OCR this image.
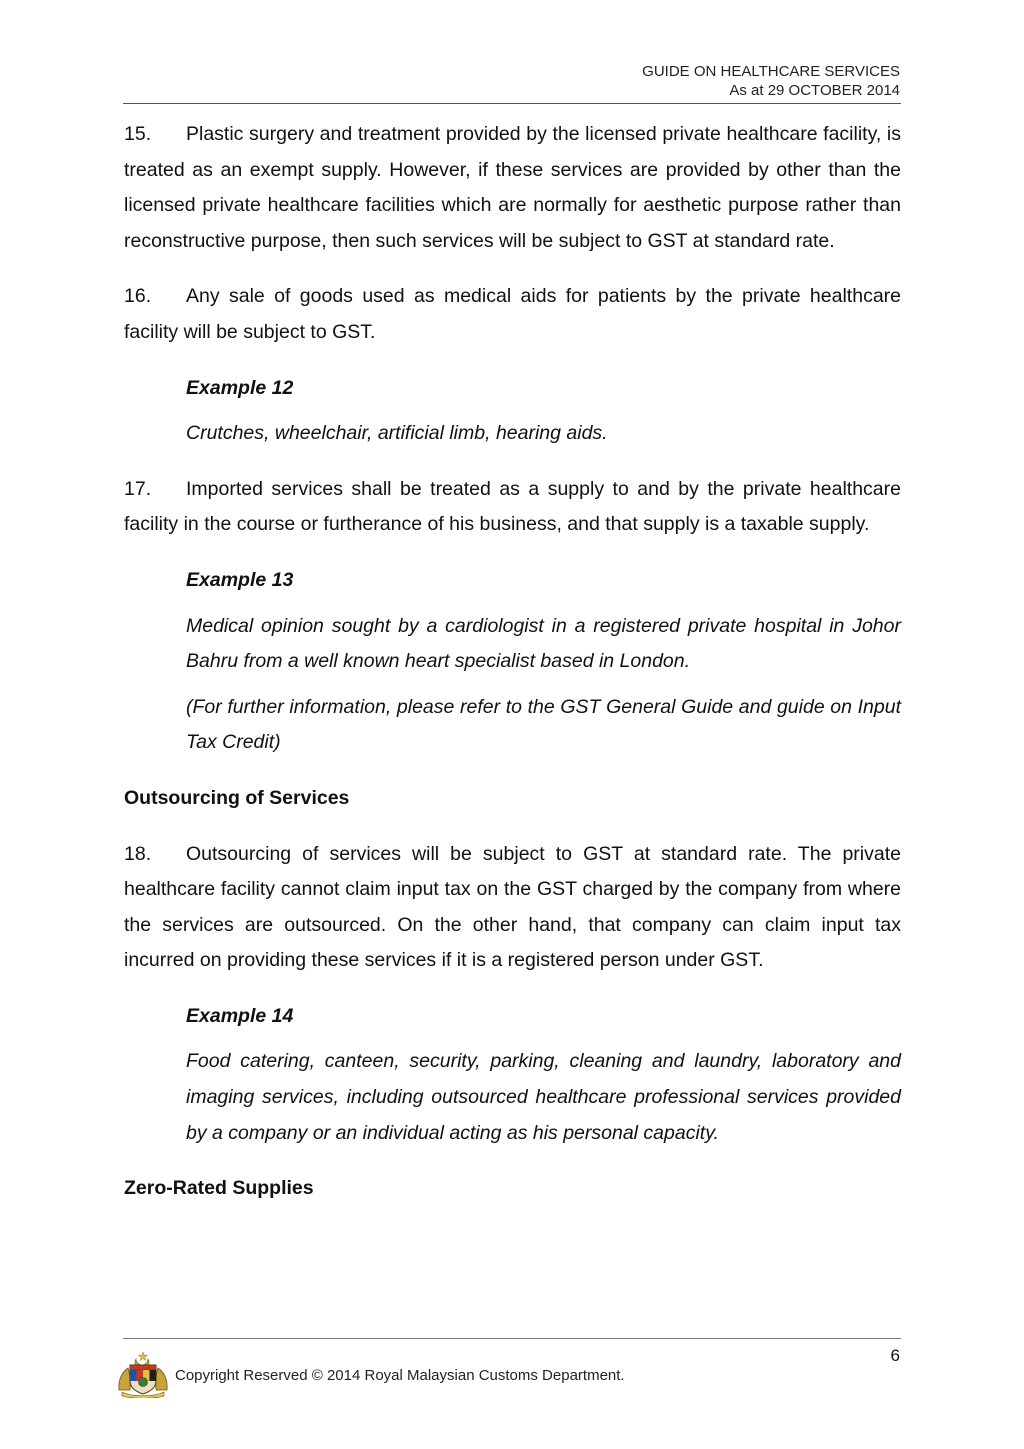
GUIDE ON HEALTHCARE SERVICES
As at 29 OCTOBER 2014

15. Plastic surgery and treatment provided by the licensed private healthcare facility, is treated as an exempt supply. However, if these services are provided by other than the licensed private healthcare facilities which are normally for aesthetic purpose rather than reconstructive purpose, then such services will be subject to GST at standard rate.

16. Any sale of goods used as medical aids for patients by the private healthcare facility will be subject to GST.

Example 12

Crutches, wheelchair, artificial limb, hearing aids.

17. Imported services shall be treated as a supply to and by the private healthcare facility in the course or furtherance of his business, and that supply is a taxable supply.

Example 13

Medical opinion sought by a cardiologist in a registered private hospital in Johor Bahru from a well known heart specialist based in London.

(For further information, please refer to the GST General Guide and guide on Input Tax Credit)

Outsourcing of Services

18. Outsourcing of services will be subject to GST at standard rate. The private healthcare facility cannot claim input tax on the GST charged by the company from where the services are outsourced. On the other hand, that company can claim input tax incurred on providing these services if it is a registered person under GST.

Example 14

Food catering, canteen, security, parking, cleaning and laundry, laboratory and imaging services, including outsourced healthcare professional services provided by a company or an individual acting as his personal capacity.

Zero-Rated Supplies

6
Copyright Reserved © 2014 Royal Malaysian Customs Department.
